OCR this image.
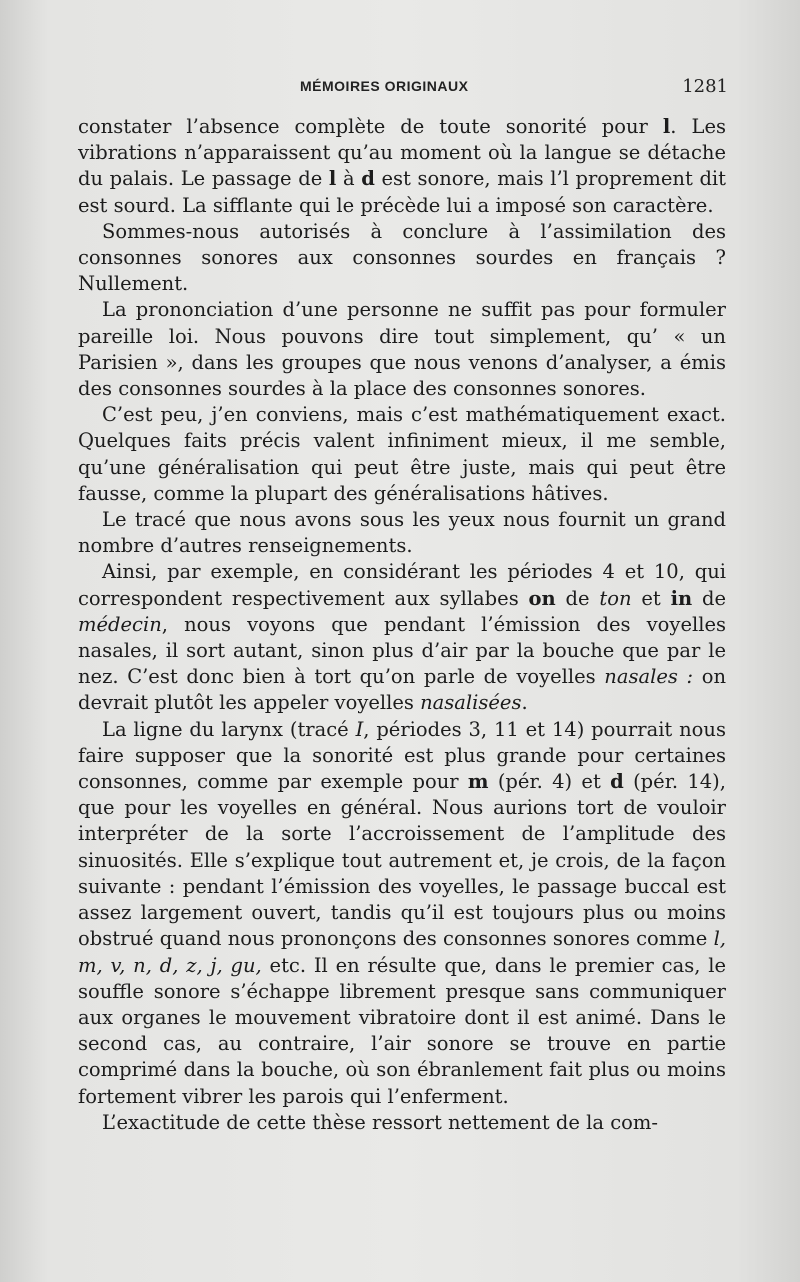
MÉMOIRES ORIGINAUX	1281

constater l’absence complète de toute sonorité pour l. Les vibrations n’apparaissent qu’au moment où la langue se détache du palais. Le passage de l à d est sonore, mais l’l proprement dit est sourd. La sifflante qui le précède lui a imposé son caractère.

Sommes-nous autorisés à conclure à l’assimilation des consonnes sonores aux consonnes sourdes en français ? Nullement.

La prononciation d’une personne ne suffit pas pour formuler pareille loi. Nous pouvons dire tout simplement, qu’ « un Parisien », dans les groupes que nous venons d’analyser, a émis des consonnes sourdes à la place des consonnes sonores.

C’est peu, j’en conviens, mais c’est mathématiquement exact. Quelques faits précis valent infiniment mieux, il me semble, qu’une généralisation qui peut être juste, mais qui peut être fausse, comme la plupart des généralisations hâtives.

Le tracé que nous avons sous les yeux nous fournit un grand nombre d’autres renseignements.

Ainsi, par exemple, en considérant les périodes 4 et 10, qui correspondent respectivement aux syllabes on de ton et in de médecin, nous voyons que pendant l’émission des voyelles nasales, il sort autant, sinon plus d’air par la bouche que par le nez. C’est donc bien à tort qu’on parle de voyelles nasales : on devrait plutôt les appeler voyelles nasalisées.

La ligne du larynx (tracé I, périodes 3, 11 et 14) pourrait nous faire supposer que la sonorité est plus grande pour certaines consonnes, comme par exemple pour m (pér. 4) et d (pér. 14), que pour les voyelles en général. Nous aurions tort de vouloir interpréter de la sorte l’accroissement de l’amplitude des sinuosités. Elle s’explique tout autrement et, je crois, de la façon suivante : pendant l’émission des voyelles, le passage buccal est assez largement ouvert, tandis qu’il est toujours plus ou moins obstrué quand nous prononçons des consonnes sonores comme l, m, v, n, d, z, j, gu, etc. Il en résulte que, dans le premier cas, le souffle sonore s’échappe librement presque sans communiquer aux organes le mouvement vibratoire dont il est animé. Dans le second cas, au contraire, l’air sonore se trouve en partie comprimé dans la bouche, où son ébranlement fait plus ou moins fortement vibrer les parois qui l’enferment.

L’exactitude de cette thèse ressort nettement de la com-
